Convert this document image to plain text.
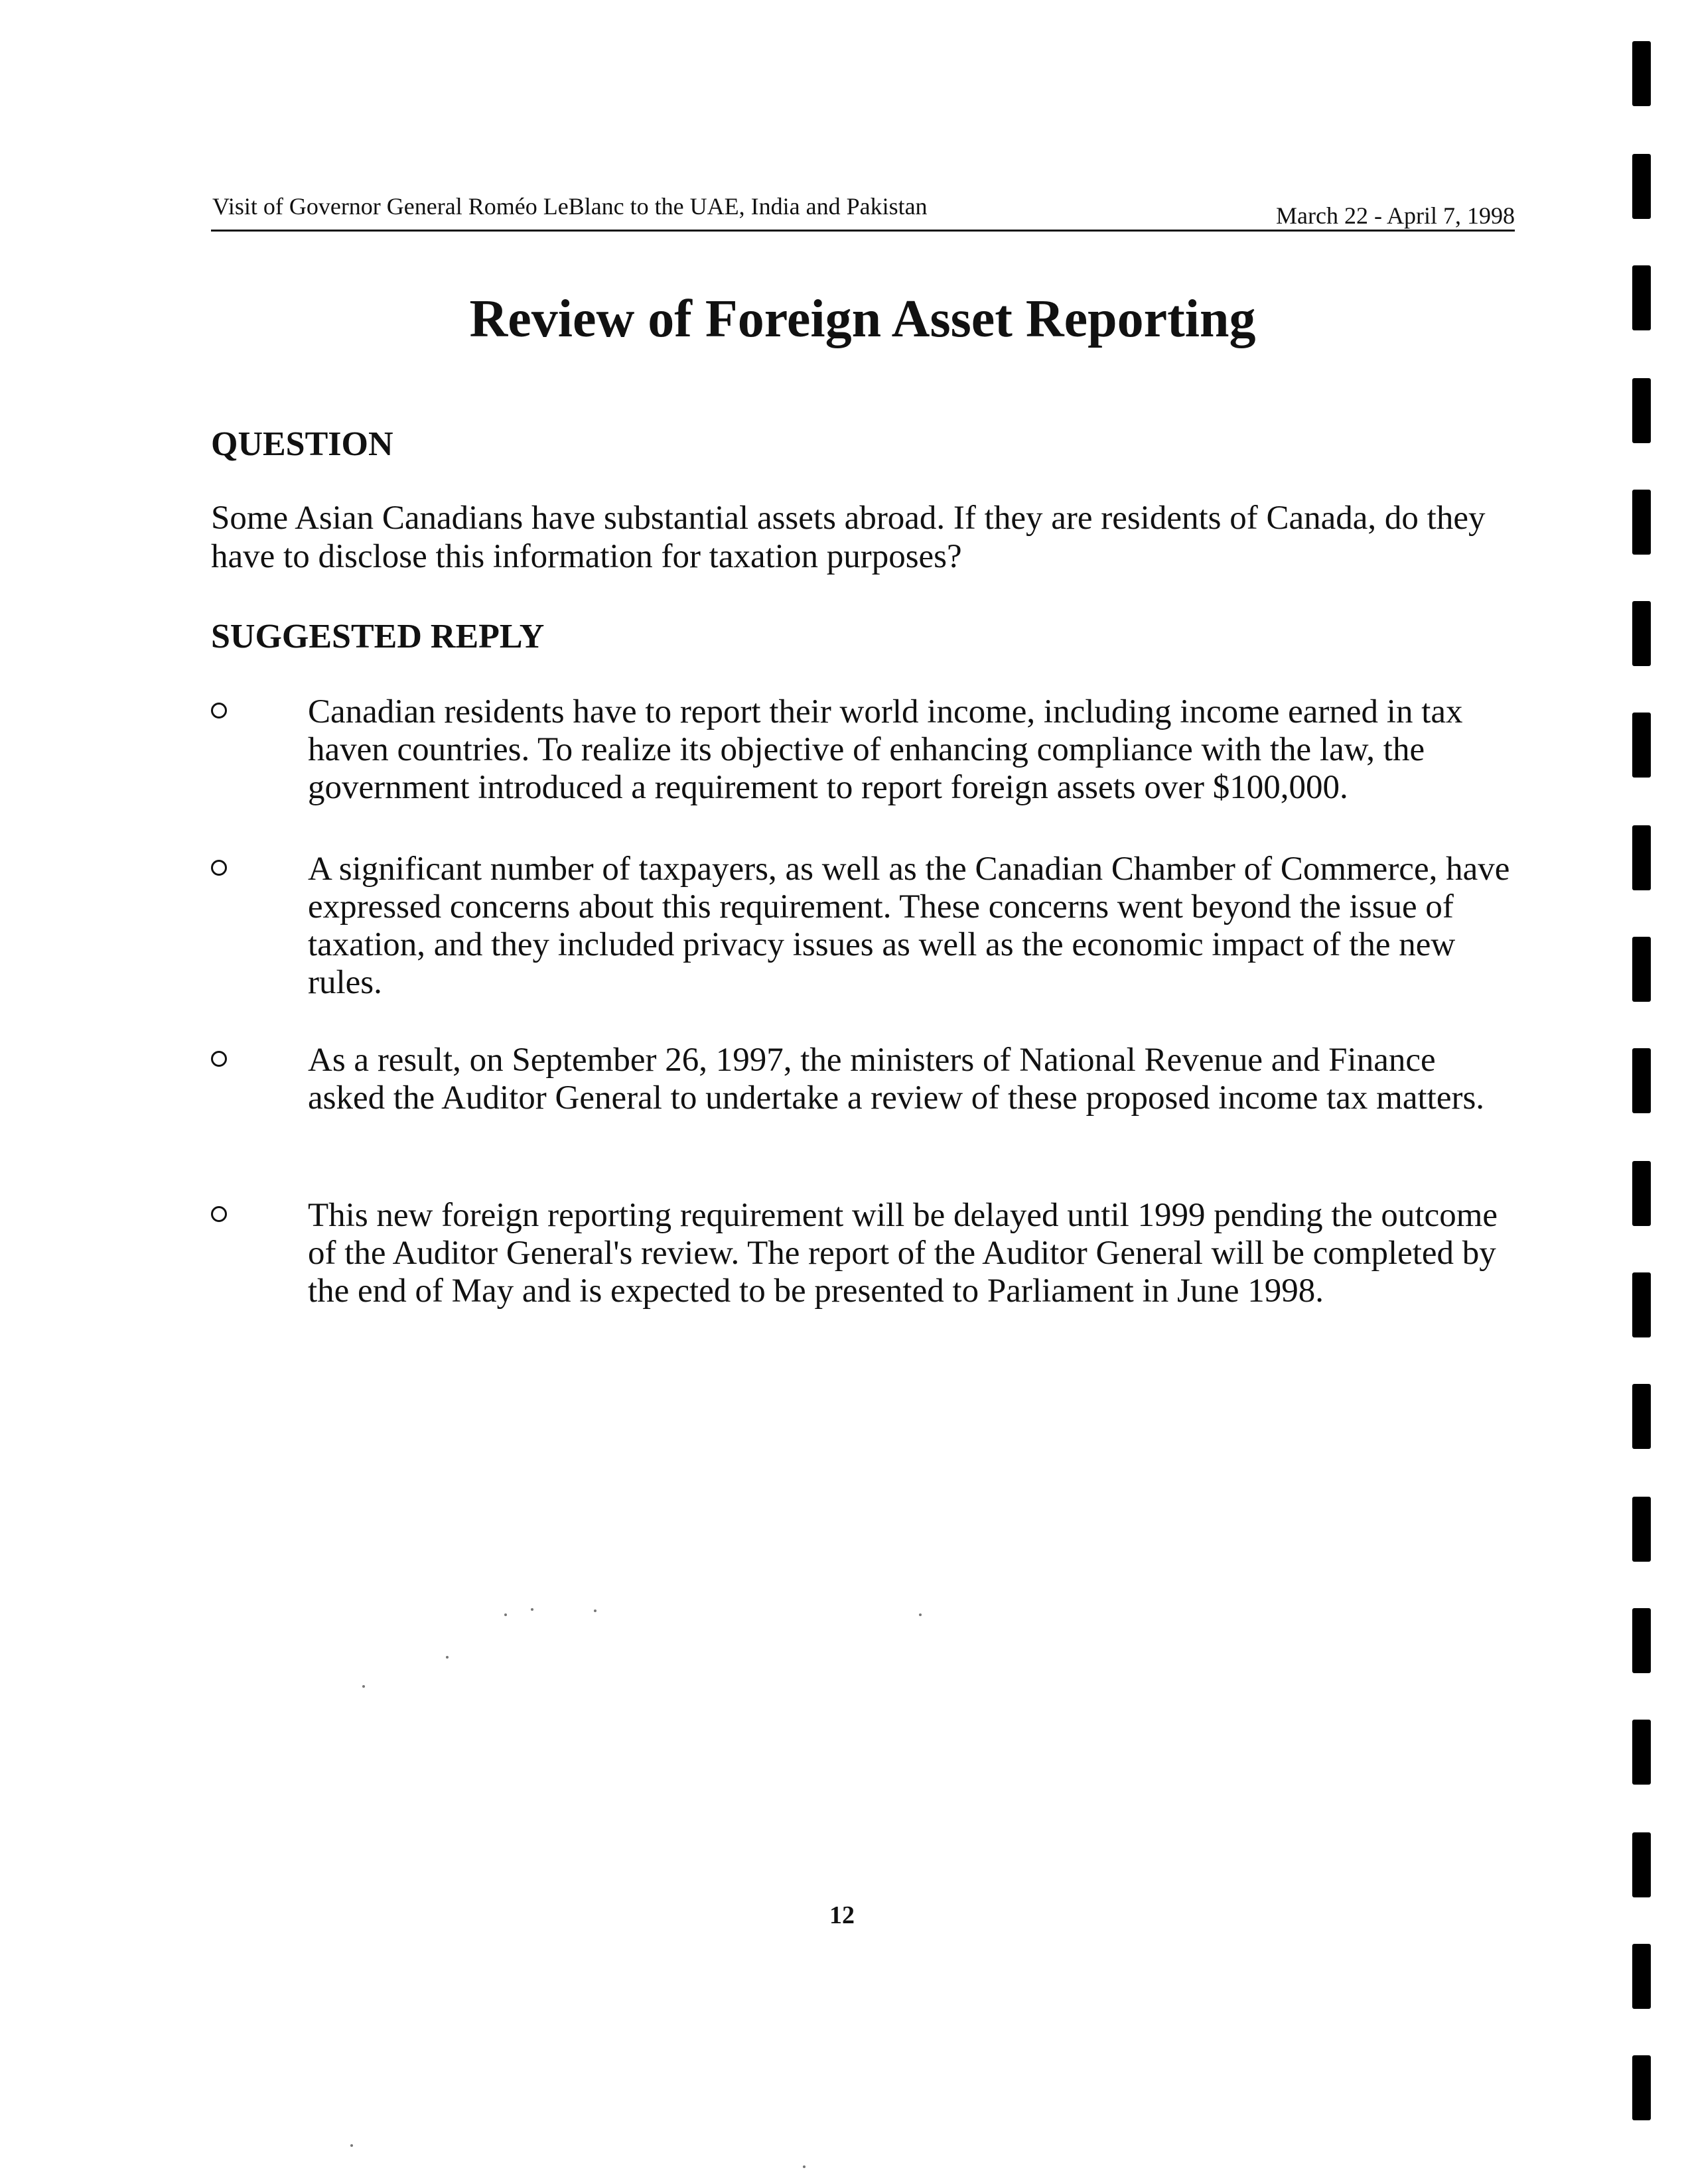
Visit of Governor General Roméo LeBlanc to the UAE, India and Pakistan	March 22 - April 7, 1998
Review of Foreign Asset Reporting
QUESTION
Some Asian Canadians have substantial assets abroad. If they are residents of Canada, do they have to disclose this information for taxation purposes?
SUGGESTED REPLY
Canadian residents have to report their world income, including income earned in tax haven countries. To realize its objective of enhancing compliance with the law, the government introduced a requirement to report foreign assets over $100,000.
A significant number of taxpayers, as well as the Canadian Chamber of Commerce, have expressed concerns about this requirement. These concerns went beyond the issue of taxation, and they included privacy issues as well as the economic impact of the new rules.
As a result, on September 26, 1997, the ministers of National Revenue and Finance asked the Auditor General to undertake a review of these proposed income tax matters.
This new foreign reporting requirement will be delayed until 1999 pending the outcome of the Auditor General's review. The report of the Auditor General will be completed by the end of May and is expected to be presented to Parliament in June 1998.
12
